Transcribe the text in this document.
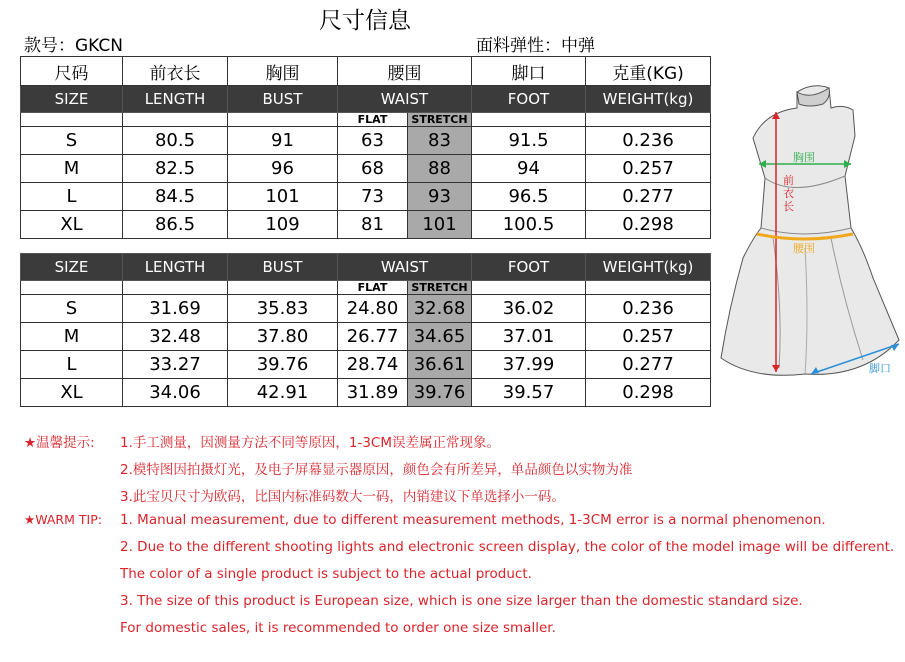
尺寸信息
款号：GKCN	面料弹性：中弹
尺码	前衣长	胸围	腰围		脚口	克重(KG)
SIZE	LENGTH	BUST	WAIST		FOOT	WEIGHT(kg)
			FLAT	STRETCH		
S	80.5	91	63	83	91.5	0.236
M	82.5	96	68	88	94	0.257
L	84.5	101	73	93	96.5	0.277
XL	86.5	109	81	101	100.5	0.298
SIZE	LENGTH	BUST	WAIST		FOOT	WEIGHT(kg)
			FLAT	STRETCH		
S	31.69	35.83	24.80	32.68	36.02	0.236
M	32.48	37.80	26.77	34.65	37.01	0.257
L	33.27	39.76	28.74	36.61	37.99	0.277
XL	34.06	42.91	31.89	39.76	39.57	0.298
胸围
前
衣
长
腰围
脚口
★温馨提示: 1.手工测量，因测量方法不同等原因，1-3CM误差属正常现象。
2.模特图因拍摄灯光，及电子屏幕显示器原因，颜色会有所差异，单品颜色以实物为准
3.此宝贝尺寸为欧码，比国内标准码数大一码，内销建议下单选择小一码。
★WARM TIP: 1. Manual measurement, due to different measurement methods, 1-3CM error is a normal phenomenon.
2. Due to the different shooting lights and electronic screen display, the color of the model image will be different.
The color of a single product is subject to the actual product.
3. The size of this product is European size, which is one size larger than the domestic standard size.
For domestic sales, it is recommended to order one size smaller.
